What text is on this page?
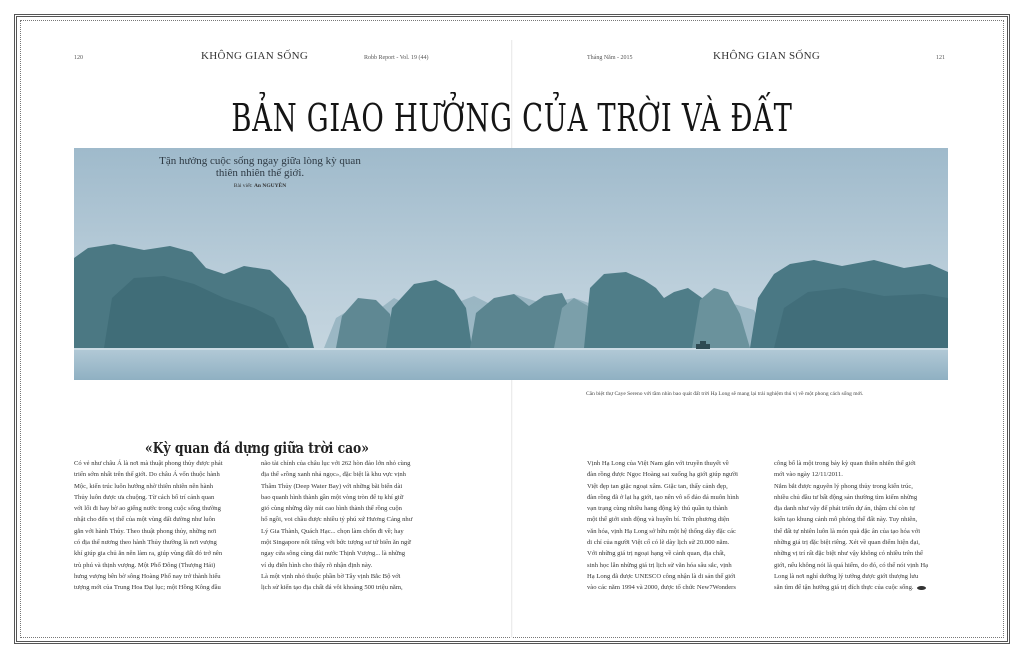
120	KHÔNG GIAN SỐNG	Robb Report - Vol. 19 (44)	Tháng Năm - 2015	KHÔNG GIAN SỐNG	121
BẢN GIAO HƯỞNG CỦA TRỜI VÀ ĐẤT
Tận hưởng cuộc sống ngay giữa lòng kỳ quan
thiên nhiên thế giới.
Bài viết: An NGUYÊN
Căn biệt thự Caye Sereno với tầm nhìn bao quát đất trời Hạ Long sẽ mang lại trải nghiệm thú vị về một phong cách sống mới.
«Kỳ quan đá dựng giữa trời cao»
Có vẻ như châu Á là nơi mà thuật phong thủy được phát
triển sớm nhất trên thế giới. Do châu Á vốn thuộc hành
Mộc, kiến trúc luôn hướng nhờ thiên nhiên nên hành
Thủy luôn được ưa chuộng. Từ cách bố trí cảnh quan
với lối đi hay bờ ao giếng nước trong cuộc sống thường
nhật cho đến vị thế của một vùng đất đường như luôn
gắn với hành Thủy. Theo thuật phong thủy, những nơi
có địa thế nương theo hành Thủy thường là nơi vượng
khí giúp gia chủ ăn nên làm ra, giúp vùng đất đó trở nên
trù phú và thịnh vượng. Một Phố Đông (Thượng Hải)
hưng vượng bên bờ sông Hoàng Phố nay trở thành hiểu
tượng mới của Trung Hoa Đại lục; một Hồng Kông đầu
não tài chính của châu lục với 262 hòn đảo lớn nhỏ cùng
địa thế «rồng xanh nhả ngọc», đặc biệt là khu vực vịnh
Thâm Thủy (Deep Water Bay) với những bãi biển dài
bao quanh hình thành gần một vòng tròn để tụ khí giữ
gió cùng những dãy núi cao hình thành thế rồng cuộn
hổ ngồi, voi chầu được nhiều tỷ phú xứ Hương Cảng như
Lý Gia Thành, Quách Hạc... chọn làm chốn đi về; hay
một Singapore nổi tiếng với bức tượng sư tử biển ăn ngữ
ngay cửa sông cùng đài nước Thịnh Vượng... là những
ví dụ điển hình cho thấy rõ nhận định này.
Là một vịnh nhỏ thuộc phần bờ Tây vịnh Bắc Bộ với
lịch sử kiến tạo địa chất đá vôi khoảng 500 triệu năm,
Vịnh Hạ Long của Việt Nam gắn với truyền thuyết về
đàn rồng được Ngọc Hoàng sai xuống hạ giới giúp người
Việt đẹp tan giặc ngoại xâm. Giặc tan, thấy cảnh đẹp,
đàn rồng đã ở lại hạ giới, tạo nên vô số đảo đá muôn hình
vạn trạng cùng nhiều hang động kỳ thú quần tụ thành
một thế giới sinh động và huyền bí. Trên phương diện
văn hóa, vịnh Hạ Long sở hữu một hệ thống dày đặc các
di chỉ của người Việt cổ có lẽ dày lịch sử 20.000 năm.
Với những giá trị ngoại hạng về cảnh quan, địa chất,
sinh học lẫn những giá trị lịch sử văn hóa sâu sắc, vịnh
Hạ Long đã được UNESCO công nhận là di sản thế giới
vào các năm 1994 và 2000, được tổ chức New7Wonders
công bố là một trong bảy kỳ quan thiên nhiên thế giới
mới vào ngày 12/11/2011.
Nắm bắt được nguyên lý phong thủy trong kiến trúc,
nhiều chủ đầu tư bất động sản thường tìm kiếm những
địa danh như vậy để phát triển dự án, thậm chí còn tự
kiến tạo khung cảnh mô phỏng thế đất này. Tuy nhiên,
thế đất tự nhiên luôn là món quà đặc ân của tạo hóa với
những giá trị đặc biệt riêng. Xét về quan điểm hiện đại,
những vị trí rất đặc biệt như vậy không có nhiều trên thế
giới, nếu không nói là quá hiếm, do đó, có thể nói vịnh Hạ
Long là nơi nghỉ dưỡng lý tưởng được giới thượng lưu
săn tìm để tận hưởng giá trị đích thực của cuộc sống.
